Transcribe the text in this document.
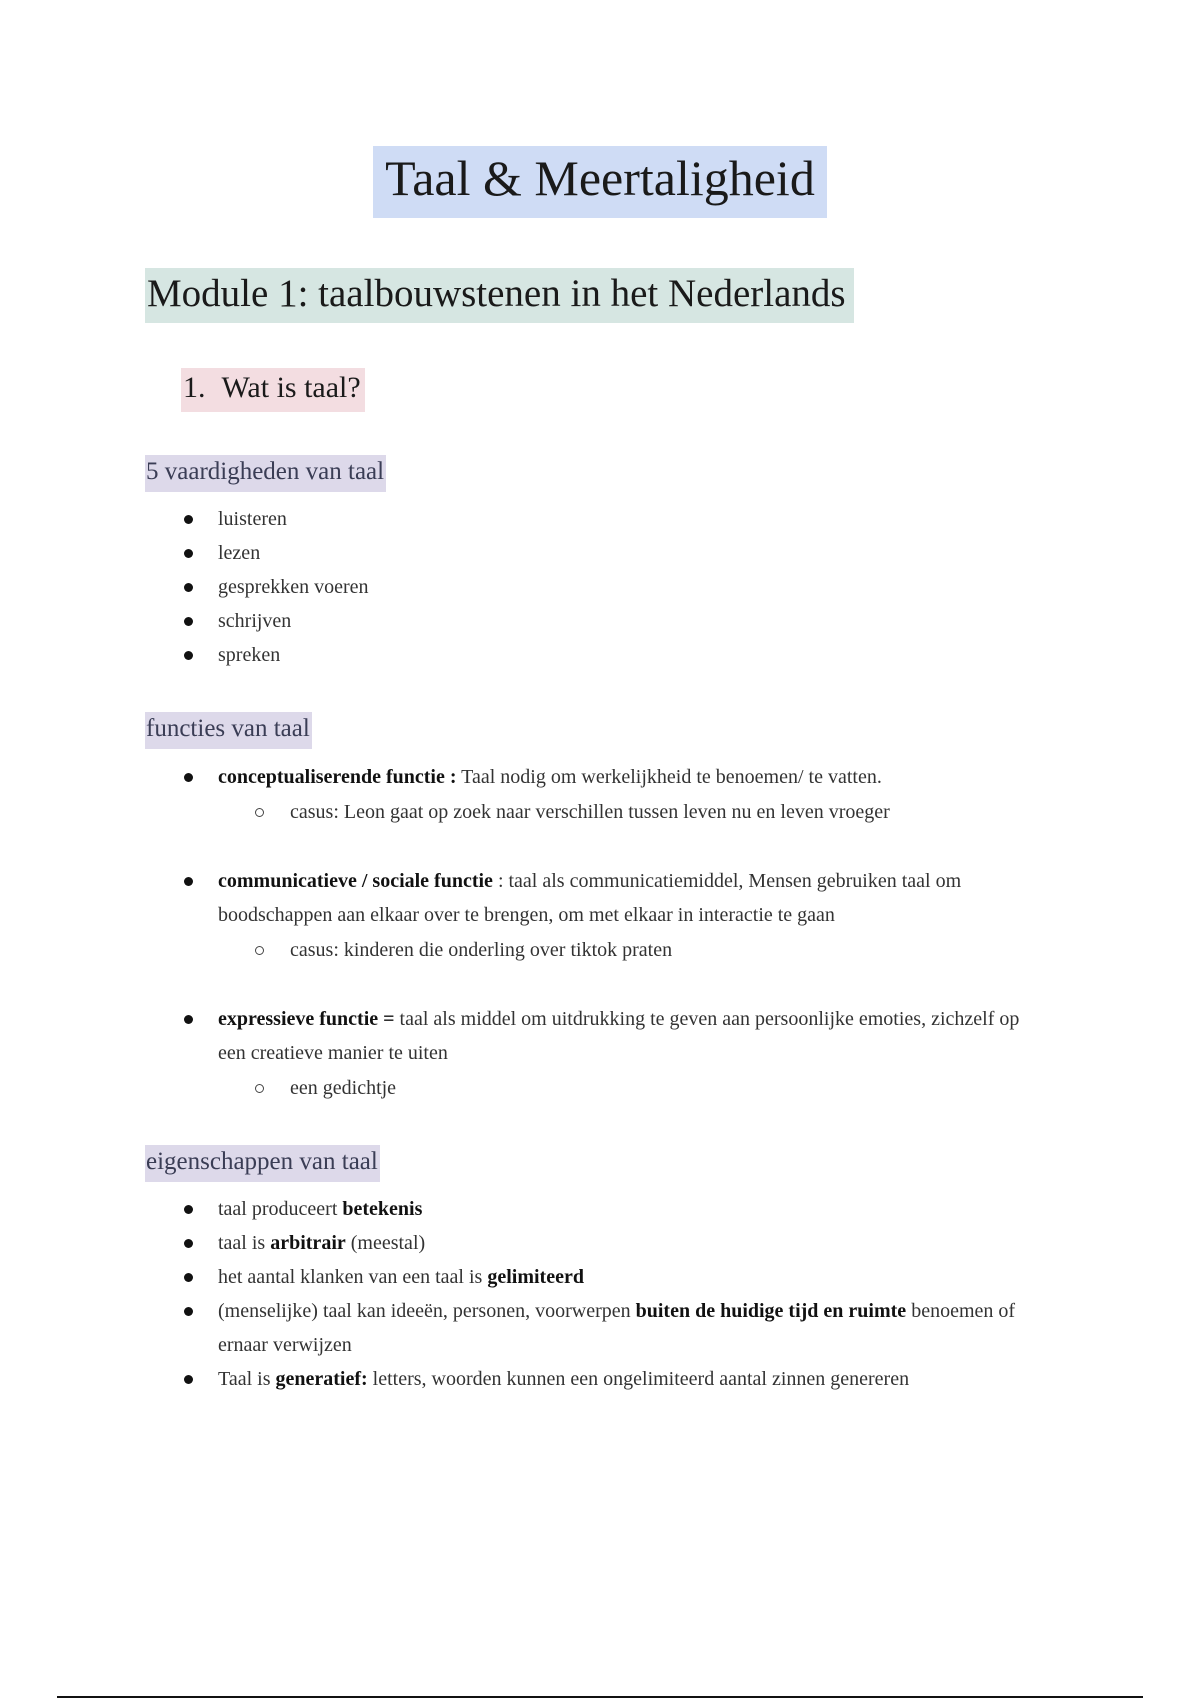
Taal & Meertaligheid
Module 1: taalbouwstenen in het Nederlands
1. Wat is taal?
5 vaardigheden van taal
luisteren
lezen
gesprekken voeren
schrijven
spreken
functies van taal
conceptualiserende functie : Taal nodig om werkelijkheid te benoemen/ te vatten.
casus: Leon gaat op zoek naar verschillen tussen leven nu en leven vroeger
communicatieve / sociale functie : taal als communicatiemiddel, Mensen gebruiken taal om boodschappen aan elkaar over te brengen, om met elkaar in interactie te gaan
casus: kinderen die onderling over tiktok praten
expressieve functie = taal als middel om uitdrukking te geven aan persoonlijke emoties, zichzelf op een creatieve manier te uiten
een gedichtje
eigenschappen van taal
taal produceert betekenis
taal is arbitrair (meestal)
het aantal klanken van een taal is gelimiteerd
(menselijke) taal kan ideeën, personen, voorwerpen buiten de huidige tijd en ruimte benoemen of ernaar verwijzen
Taal is generatief: letters, woorden kunnen een ongelimiteerd aantal zinnen genereren
